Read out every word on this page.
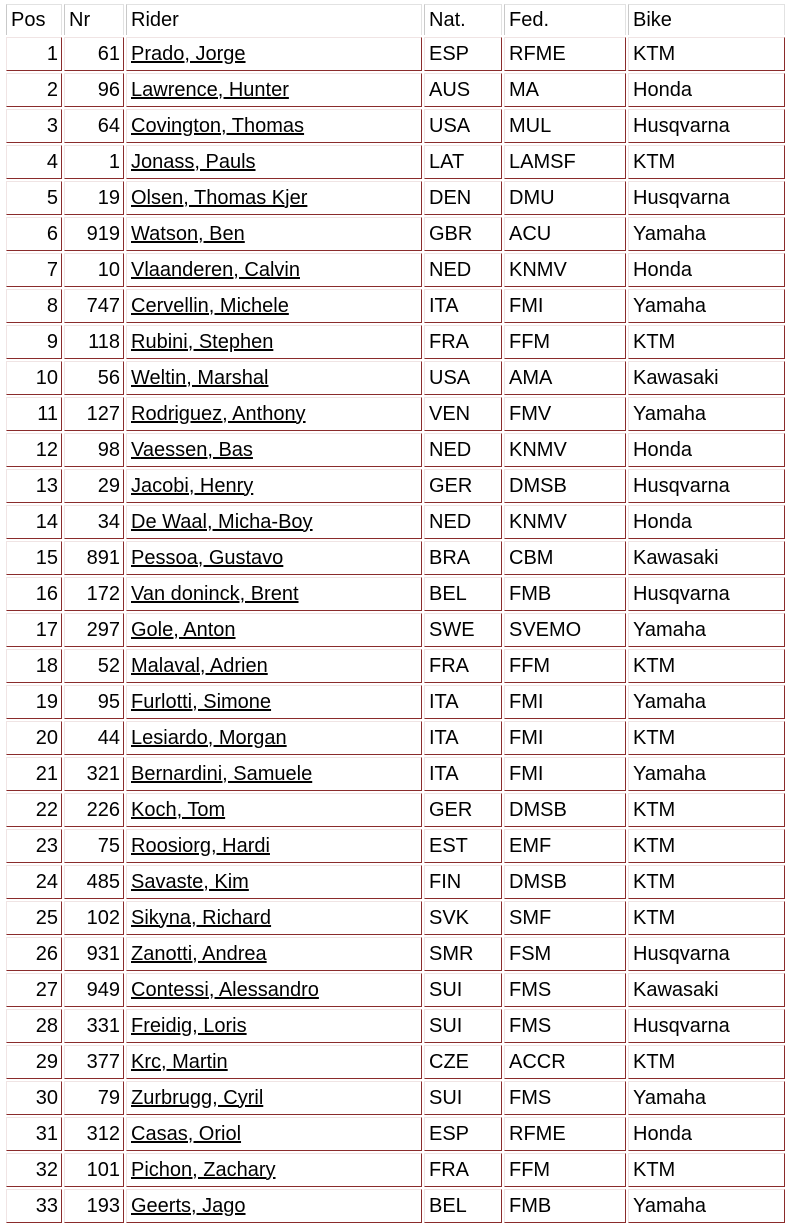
Pos	Nr	Rider	Nat.	Fed.	Bike
1	61	Prado, Jorge	ESP	RFME	KTM
2	96	Lawrence, Hunter	AUS	MA	Honda
3	64	Covington, Thomas	USA	MUL	Husqvarna
4	1	Jonass, Pauls	LAT	LAMSF	KTM
5	19	Olsen, Thomas Kjer	DEN	DMU	Husqvarna
6	919	Watson, Ben	GBR	ACU	Yamaha
7	10	Vlaanderen, Calvin	NED	KNMV	Honda
8	747	Cervellin, Michele	ITA	FMI	Yamaha
9	118	Rubini, Stephen	FRA	FFM	KTM
10	56	Weltin, Marshal	USA	AMA	Kawasaki
11	127	Rodriguez, Anthony	VEN	FMV	Yamaha
12	98	Vaessen, Bas	NED	KNMV	Honda
13	29	Jacobi, Henry	GER	DMSB	Husqvarna
14	34	De Waal, Micha-Boy	NED	KNMV	Honda
15	891	Pessoa, Gustavo	BRA	CBM	Kawasaki
16	172	Van doninck, Brent	BEL	FMB	Husqvarna
17	297	Gole, Anton	SWE	SVEMO	Yamaha
18	52	Malaval, Adrien	FRA	FFM	KTM
19	95	Furlotti, Simone	ITA	FMI	Yamaha
20	44	Lesiardo, Morgan	ITA	FMI	KTM
21	321	Bernardini, Samuele	ITA	FMI	Yamaha
22	226	Koch, Tom	GER	DMSB	KTM
23	75	Roosiorg, Hardi	EST	EMF	KTM
24	485	Savaste, Kim	FIN	DMSB	KTM
25	102	Sikyna, Richard	SVK	SMF	KTM
26	931	Zanotti, Andrea	SMR	FSM	Husqvarna
27	949	Contessi, Alessandro	SUI	FMS	Kawasaki
28	331	Freidig, Loris	SUI	FMS	Husqvarna
29	377	Krc, Martin	CZE	ACCR	KTM
30	79	Zurbrugg, Cyril	SUI	FMS	Yamaha
31	312	Casas, Oriol	ESP	RFME	Honda
32	101	Pichon, Zachary	FRA	FFM	KTM
33	193	Geerts, Jago	BEL	FMB	Yamaha
